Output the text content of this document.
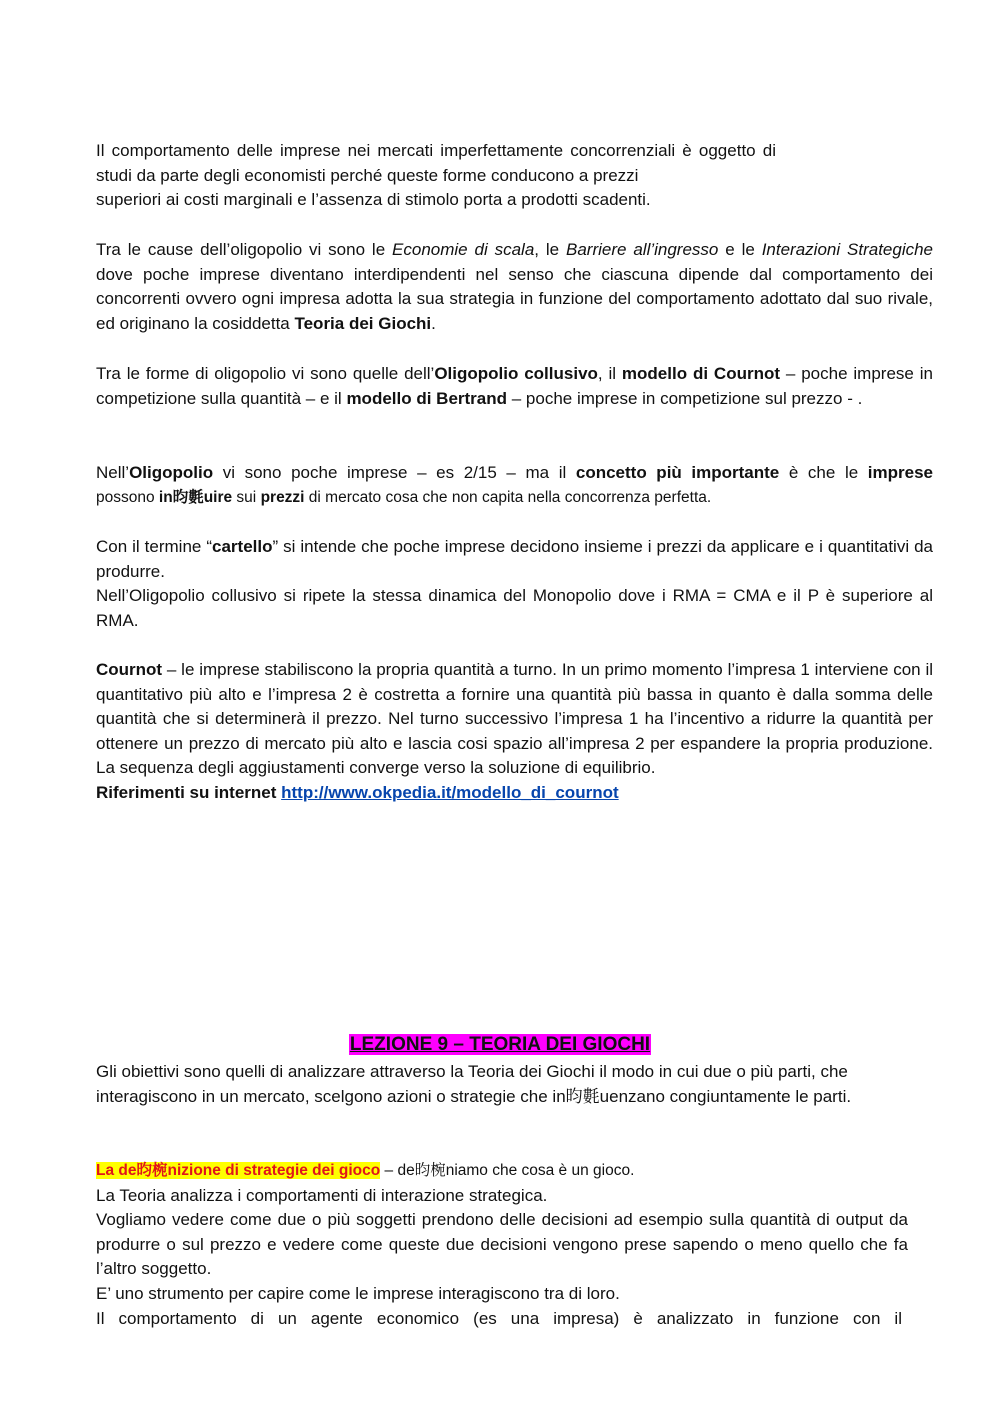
Il comportamento delle imprese nei mercati imperfettamente concorrenziali è oggetto di studi da parte degli economisti perché queste forme conducono a prezzi

superiori ai costi marginali e l’assenza di stimolo porta a prodotti scadenti.

Tra le cause dell’oligopolio vi sono le Economie di scala, le Barriere all’ingresso e le Interazioni Strategiche dove poche imprese diventano interdipendenti nel senso che ciascuna dipende dal comportamento dei concorrenti ovvero ogni impresa adotta la sua strategia in funzione del comportamento adottato dal suo rivale, ed originano la cosiddetta Teoria dei Giochi.
Tra le forme di oligopolio vi sono quelle dell’Oligopolio collusivo, il modello di Cournot – poche imprese in competizione sulla quantità – e il modello di Bertrand – poche imprese in competizione sul prezzo - .

Nell’Oligopolio vi sono poche imprese – es 2/15 – ma il concetto più importante è che le imprese

possono in昀氀uire sui prezzi di mercato cosa che non capita nella concorrenza perfetta.

Con il termine “cartello” si intende che poche imprese decidono insieme i prezzi da applicare e i quantitativi da produrre.

Nell’Oligopolio collusivo si ripete la stessa dinamica del Monopolio dove i RMA = CMA e il P è superiore al RMA.

Cournot – le imprese stabiliscono la propria quantità a turno. In un primo momento l’impresa 1 interviene con il quantitativo più alto e l’impresa 2 è costretta a fornire una quantità più bassa in quanto è dalla somma delle quantità che si determinerà il prezzo. Nel turno successivo l’impresa 1 ha l’incentivo a ridurre la quantità per ottenere un prezzo di mercato più alto e lascia cosi spazio all’impresa 2 per espandere la propria produzione. La sequenza degli aggiustamenti converge verso la soluzione di equilibrio.

Riferimenti su internet http://www.okpedia.it/modello_di_cournot

LEZIONE 9 – TEORIA DEI GIOCHI

Gli obiettivi sono quelli di analizzare attraverso la Teoria dei Giochi il modo in cui due o più parti, che interagiscono in un mercato, scelgono azioni o strategie che in昀氀uenzano congiuntamente le parti.

La de昀椀nizione di strategie dei gioco – de昀椀niamo che cosa è un gioco.

La Teoria analizza i comportamenti di interazione strategica.

Vogliamo vedere come due o più soggetti prendono delle decisioni ad esempio sulla quantità di output da produrre o sul prezzo e vedere come queste due decisioni vengono prese sapendo o meno quello che fa l’altro soggetto.

E’ uno strumento per capire come le imprese interagiscono tra di loro.

Il comportamento di un agente economico (es una impresa) è analizzato in funzione con il
